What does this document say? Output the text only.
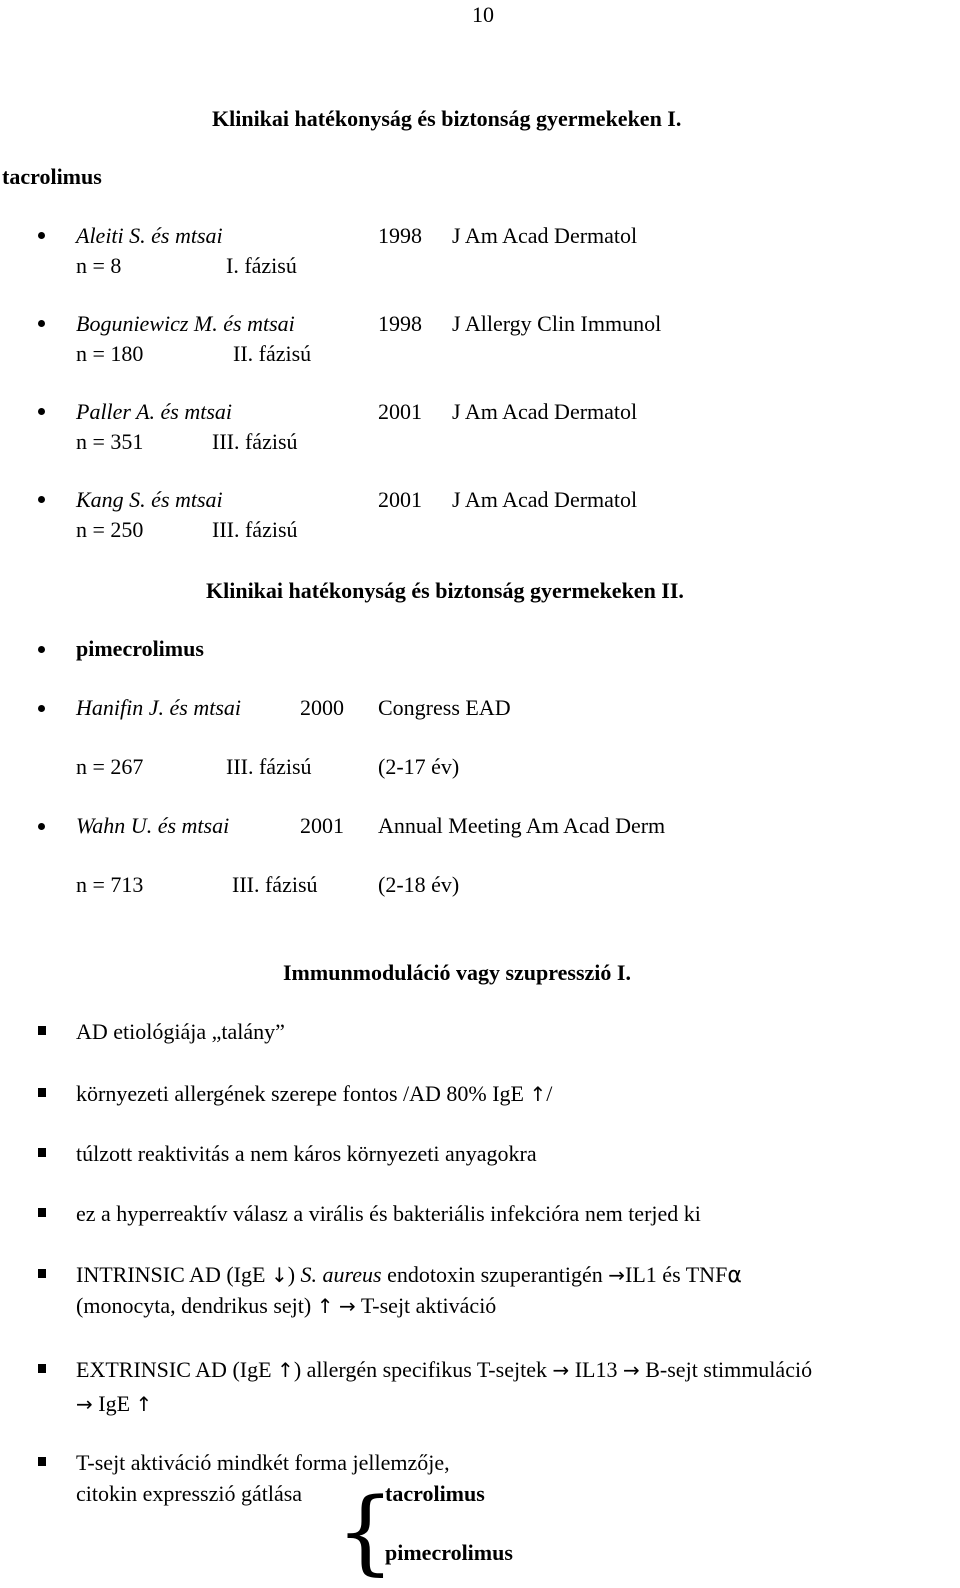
10
Klinikai hatékonyság és biztonság gyermekeken I.
tacrolimus
Aleiti S. és mtsai	1998 J Am Acad Dermatol
n = 8	I. fázisú
Boguniewicz M. és mtsai	1998 J Allergy Clin Immunol
n = 180	II. fázisú
Paller A. és mtsai	2001 J Am Acad Dermatol
n = 351	III. fázisú
Kang S. és mtsai	2001 J Am Acad Dermatol
n = 250	III. fázisú
Klinikai hatékonyság és biztonság gyermekeken II.
pimecrolimus
Hanifin J. és mtsai	2000 Congress EAD
n = 267	III. fázisú	(2-17 év)
Wahn U. és mtsai	2001 Annual Meeting Am Acad Derm
n = 713	III. fázisú	(2-18 év)
Immunmoduláció vagy szupresszió I.
AD etiológiája „talány”
környezeti allergének szerepe fontos /AD 80% IgE ↑/
túlzott reaktivitás a nem káros környezeti anyagokra
ez a hyperreaktív válasz a virális és bakteriális infekcióra nem terjed ki
INTRINSIC AD (IgE ↓) S. aureus endotoxin szuperantigén →IL1 és TNFα
(monocyta, dendrikus sejt) ↑ → T-sejt aktiváció
EXTRINSIC AD (IgE ↑) allergén specifikus T-sejtek → IL13 → B-sejt stimmuláció
→ IgE ↑
T-sejt aktiváció mindkét forma jellemzője,
citokin expresszió gátlása {
tacrolimus
pimecrolimus
